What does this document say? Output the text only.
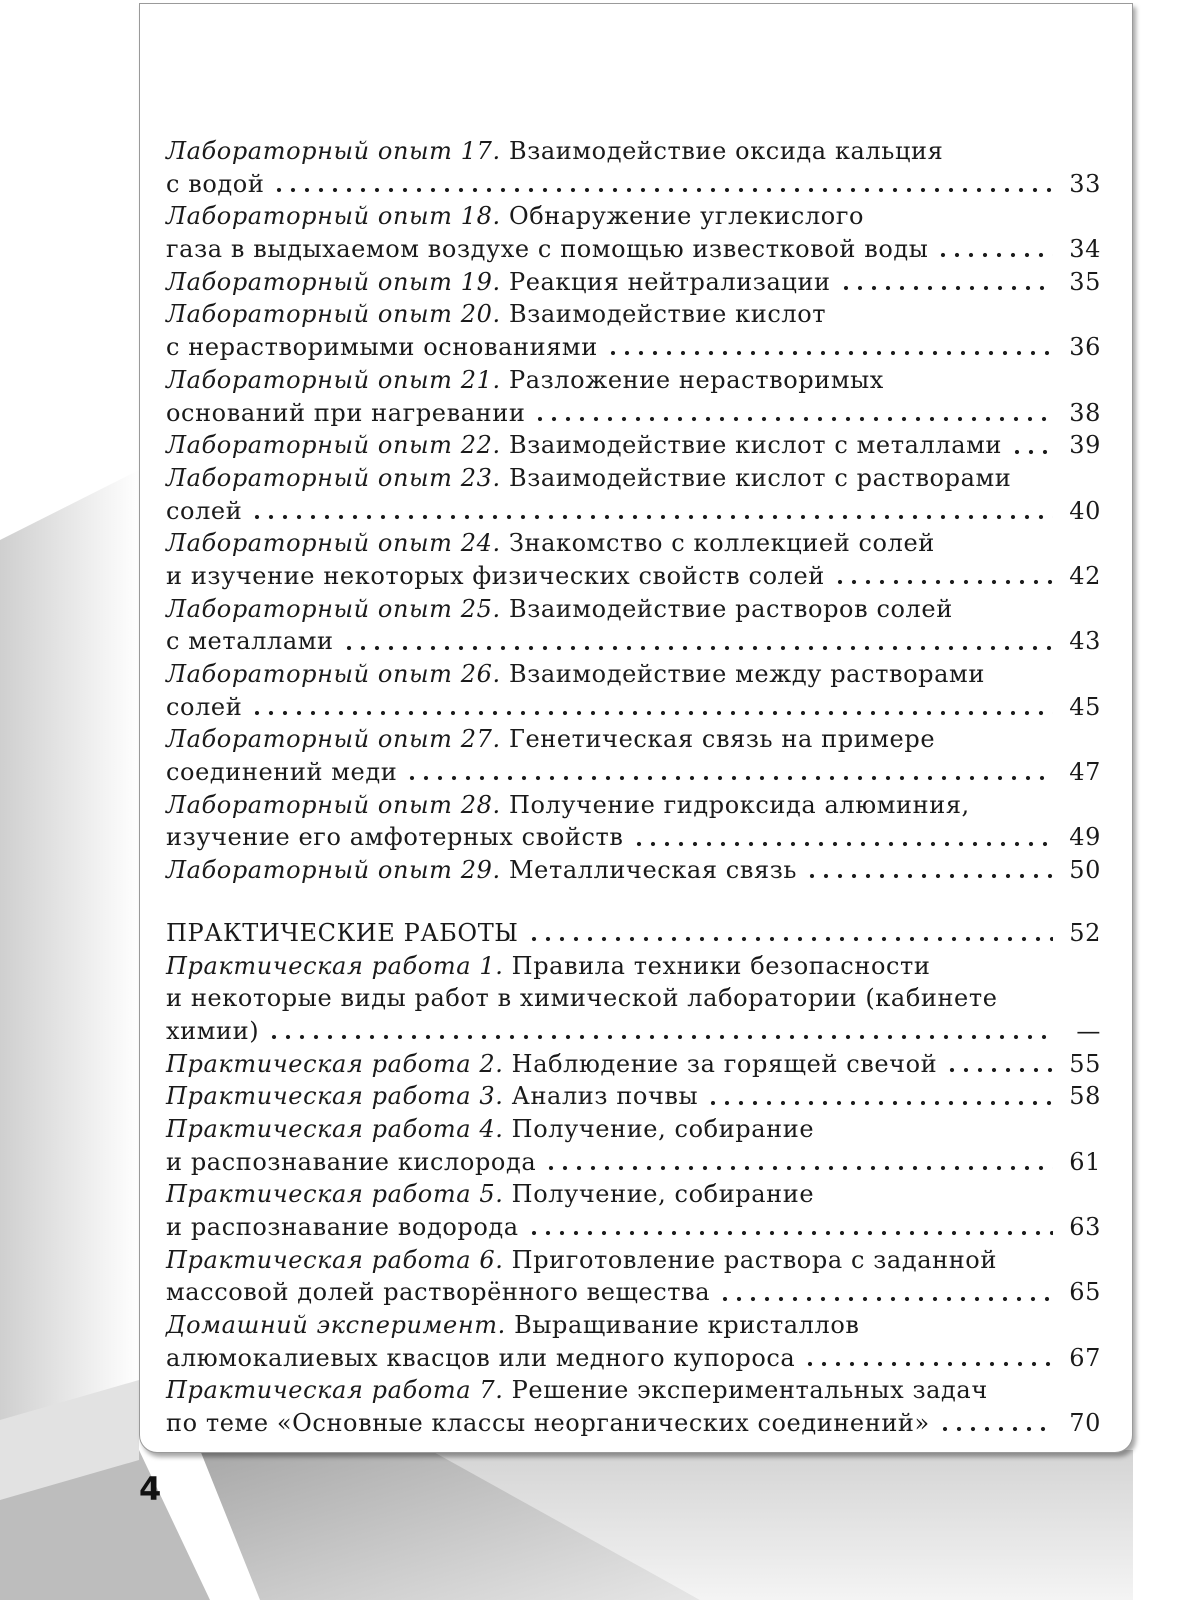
Лабораторный опыт 17. Взаимодействие оксида кальция
с водой	33
Лабораторный опыт 18. Обнаружение углекислого
газа в выдыхаемом воздухе с помощью известковой воды	34
Лабораторный опыт 19. Реакция нейтрализации	35
Лабораторный опыт 20. Взаимодействие кислот
с нерастворимыми основаниями	36
Лабораторный опыт 21. Разложение нерастворимых
оснований при нагревании	38
Лабораторный опыт 22. Взаимодействие кислот с металлами	39
Лабораторный опыт 23. Взаимодействие кислот с растворами
солей	40
Лабораторный опыт 24. Знакомство с коллекцией солей
и изучение некоторых физических свойств солей	42
Лабораторный опыт 25. Взаимодействие растворов солей
с металлами	43
Лабораторный опыт 26. Взаимодействие между растворами
солей	45
Лабораторный опыт 27. Генетическая связь на примере
соединений меди	47
Лабораторный опыт 28. Получение гидроксида алюминия,
изучение его амфотерных свойств	49
Лабораторный опыт 29. Металлическая связь	50
ПРАКТИЧЕСКИЕ РАБОТЫ	52
Практическая работа 1. Правила техники безопасности
и некоторые виды работ в химической лаборатории (кабинете
химии)	—
Практическая работа 2. Наблюдение за горящей свечой	55
Практическая работа 3. Анализ почвы	58
Практическая работа 4. Получение, собирание
и распознавание кислорода	61
Практическая работа 5. Получение, собирание
и распознавание водорода	63
Практическая работа 6. Приготовление раствора с заданной
массовой долей растворённого вещества	65
Домашний эксперимент. Выращивание кристаллов
алюмокалиевых квасцов или медного купороса	67
Практическая работа 7. Решение экспериментальных задач
по теме «Основные классы неорганических соединений»	70
4
